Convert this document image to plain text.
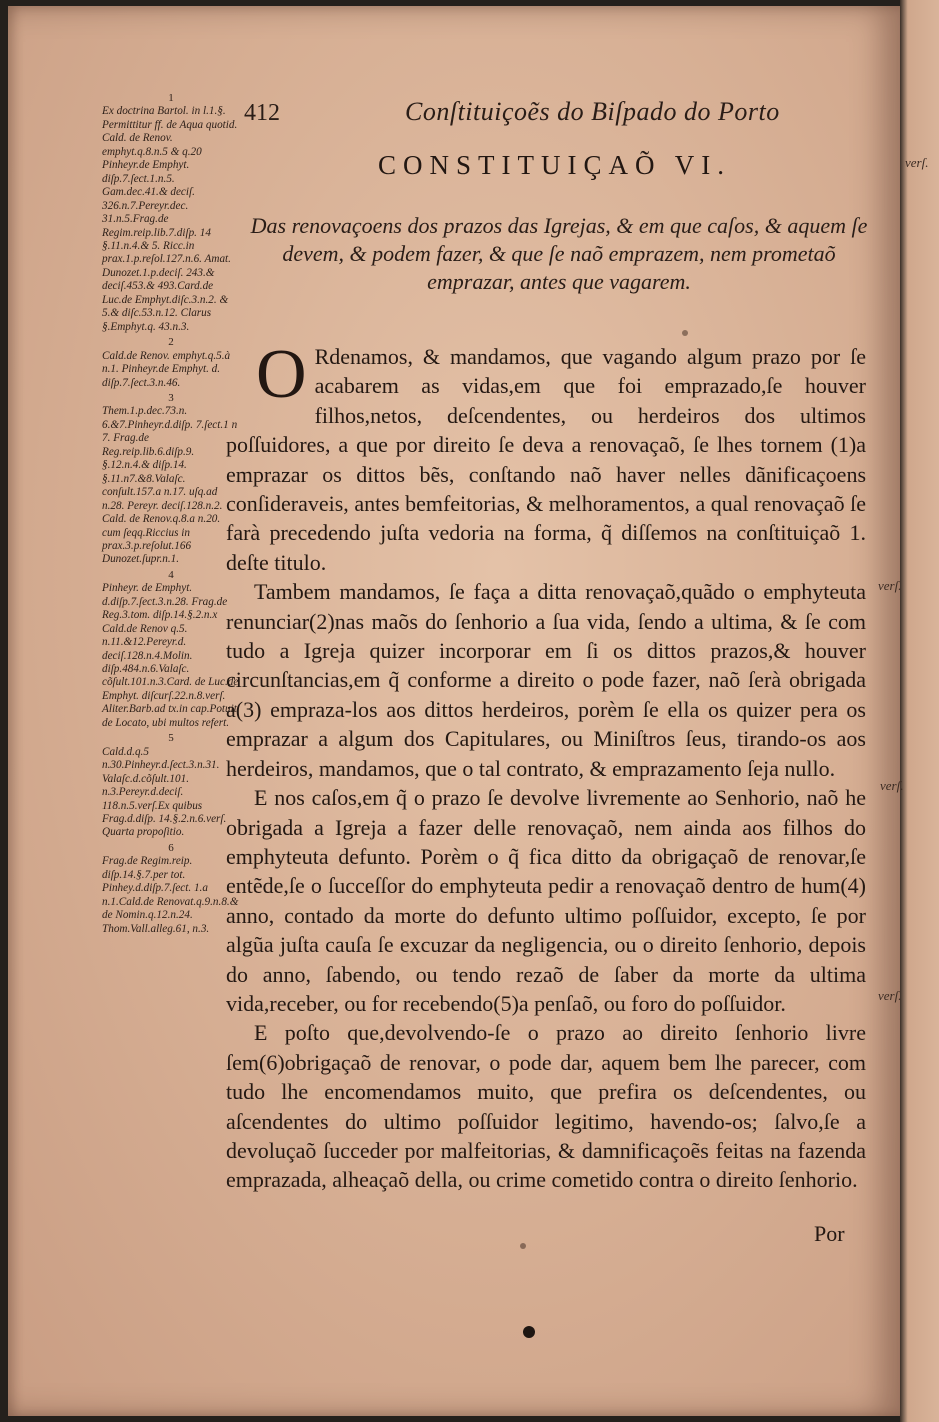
verſ.
verſ.
verſ.
verſ.
412	Conſtituiçoẽs do Biſpado do Porto
CONSTITUIÇAÕ VI.
Das renovaçoens dos prazos das Igrejas, & em que caſos, & aquem ſe devem, & podem fazer, & que ſe naõ emprazem, nem prometaõ emprazar, antes que vagarem.
1
Ex doctrina Bartol. in l.1.§. Permittitur ff. de Aqua quotid. Cald. de Renov. emphyt.q.8.n.5 & q.20 Pinheyr.de Emphyt. diſp.7.ſect.1.n.5. Gam.dec.41.& deciſ. 326.n.7.Pereyr.dec. 31.n.5.Frag.de Regim.reip.lib.7.diſp. 14 §.11.n.4.& 5. Ricc.in prax.1.p.reſol.127.n.6. Amat. Dunozet.1.p.deciſ. 243.& deciſ.453.& 493.Card.de Luc.de Emphyt.diſc.3.n.2. & 5.& diſc.53.n.12. Clarus §.Emphyt.q. 43.n.3.
2
Cald.de Renov. emphyt.q.5.à n.1. Pinheyr.de Emphyt. d. diſp.7.ſect.3.n.46.
3
Them.1.p.dec.73.n. 6.&7.Pinheyr.d.diſp. 7.ſect.1 n 7. Frag.de Reg.reip.lib.6.diſp.9. §.12.n.4.& diſp.14. §.11.n7.&8.Valaſc. conſult.157.a n.17. uſq.ad n.28. Pereyr. deciſ.128.n.2. Cald. de Renov.q.8.a n.20. cum ſeqq.Riccius in prax.3.p.reſolut.166 Dunozet.ſupr.n.1.
4
Pinheyr. de Emphyt. d.diſp.7.ſect.3.n.28. Frag.de Reg.3.tom. diſp.14.§.2.n.x Cald.de Renov q.5. n.11.&12.Pereyr.d. deciſ.128.n.4.Molin. diſp.484.n.6.Valaſc. cõſult.101.n.3.Card. de Luc.de Emphyt. diſcurſ.22.n.8.verſ. Aliter.Barb.ad tx.in cap.Potuit de Locato, ubi multos refert.
5
Cald.d.q.5 n.30.Pinheyr.d.ſect.3.n.31. Valaſc.d.cõſult.101. n.3.Pereyr.d.deciſ. 118.n.5.verſ.Ex quibus Frag.d.diſp. 14.§.2.n.6.verſ. Quarta propoſitio.
6
Frag.de Regim.reip. diſp.14.§.7.per tot. Pinhey.d.diſp.7.ſect. 1.a n.1.Cald.de Renovat.q.9.n.8.& de Nomin.q.12.n.24. Thom.Vall.alleg.61, n.3.

O Rdenamos, & mandamos, que vagando algum prazo por ſe acabarem as vidas,em que foi emprazado,ſe houver filhos,netos, deſcendentes, ou herdeiros dos ultimos poſſuidores, a que por direito ſe deva a renovaçaõ, ſe lhes tornem (1)a emprazar os dittos bẽs, conſtando naõ haver nelles dãnificaçoens conſideraveis, antes bemfeitorias, & melhoramentos, a qual renovaçaõ ſe farà precedendo juſta vedoria na forma, q̃ diſſemos na conſtituiçaõ 1. deſte titulo.

Tambem mandamos, ſe faça a ditta renovaçaõ,quãdo o emphyteuta renunciar(2)nas maõs do ſenhorio a ſua vida, ſendo a ultima, & ſe com tudo a Igreja quizer incorporar em ſi os dittos prazos,& houver circunſtancias,em q̃ conforme a direito o pode fazer, naõ ſerà obrigada a(3) empraza-los aos dittos herdeiros, porèm ſe ella os quizer pera os emprazar a algum dos Capitulares, ou Miniſtros ſeus, tirando-os aos herdeiros, mandamos, que o tal contrato, & emprazamento ſeja nullo.

E nos caſos,em q̃ o prazo ſe devolve livremente ao Senhorio, naõ he obrigada a Igreja a fazer delle renovaçaõ, nem ainda aos filhos do emphyteuta defunto. Porèm o q̃ fica ditto da obrigaçaõ de renovar,ſe entẽde,ſe o ſucceſſor do emphyteuta pedir a renovaçaõ dentro de hum(4) anno, contado da morte do defunto ultimo poſſuidor, excepto, ſe por algũa juſta cauſa ſe excuzar da negligencia, ou o direito ſenhorio, depois do anno, ſabendo, ou tendo rezaõ de ſaber da morte da ultima vida,receber, ou for recebendo(5)a penſaõ, ou foro do poſſuidor.

E poſto que,devolvendo-ſe o prazo ao direito ſenhorio livre ſem(6)obrigaçaõ de renovar, o pode dar, aquem bem lhe parecer, com tudo lhe encomendamos muito, que prefira os deſcendentes, ou aſcendentes do ultimo poſſuidor legitimo, havendo-os; ſalvo,ſe a devoluçaõ ſucceder por malfeitorias, & damnificaçoẽs feitas na fazenda emprazada, alheaçaõ della, ou crime cometido contra o direito ſenhorio.

Por
